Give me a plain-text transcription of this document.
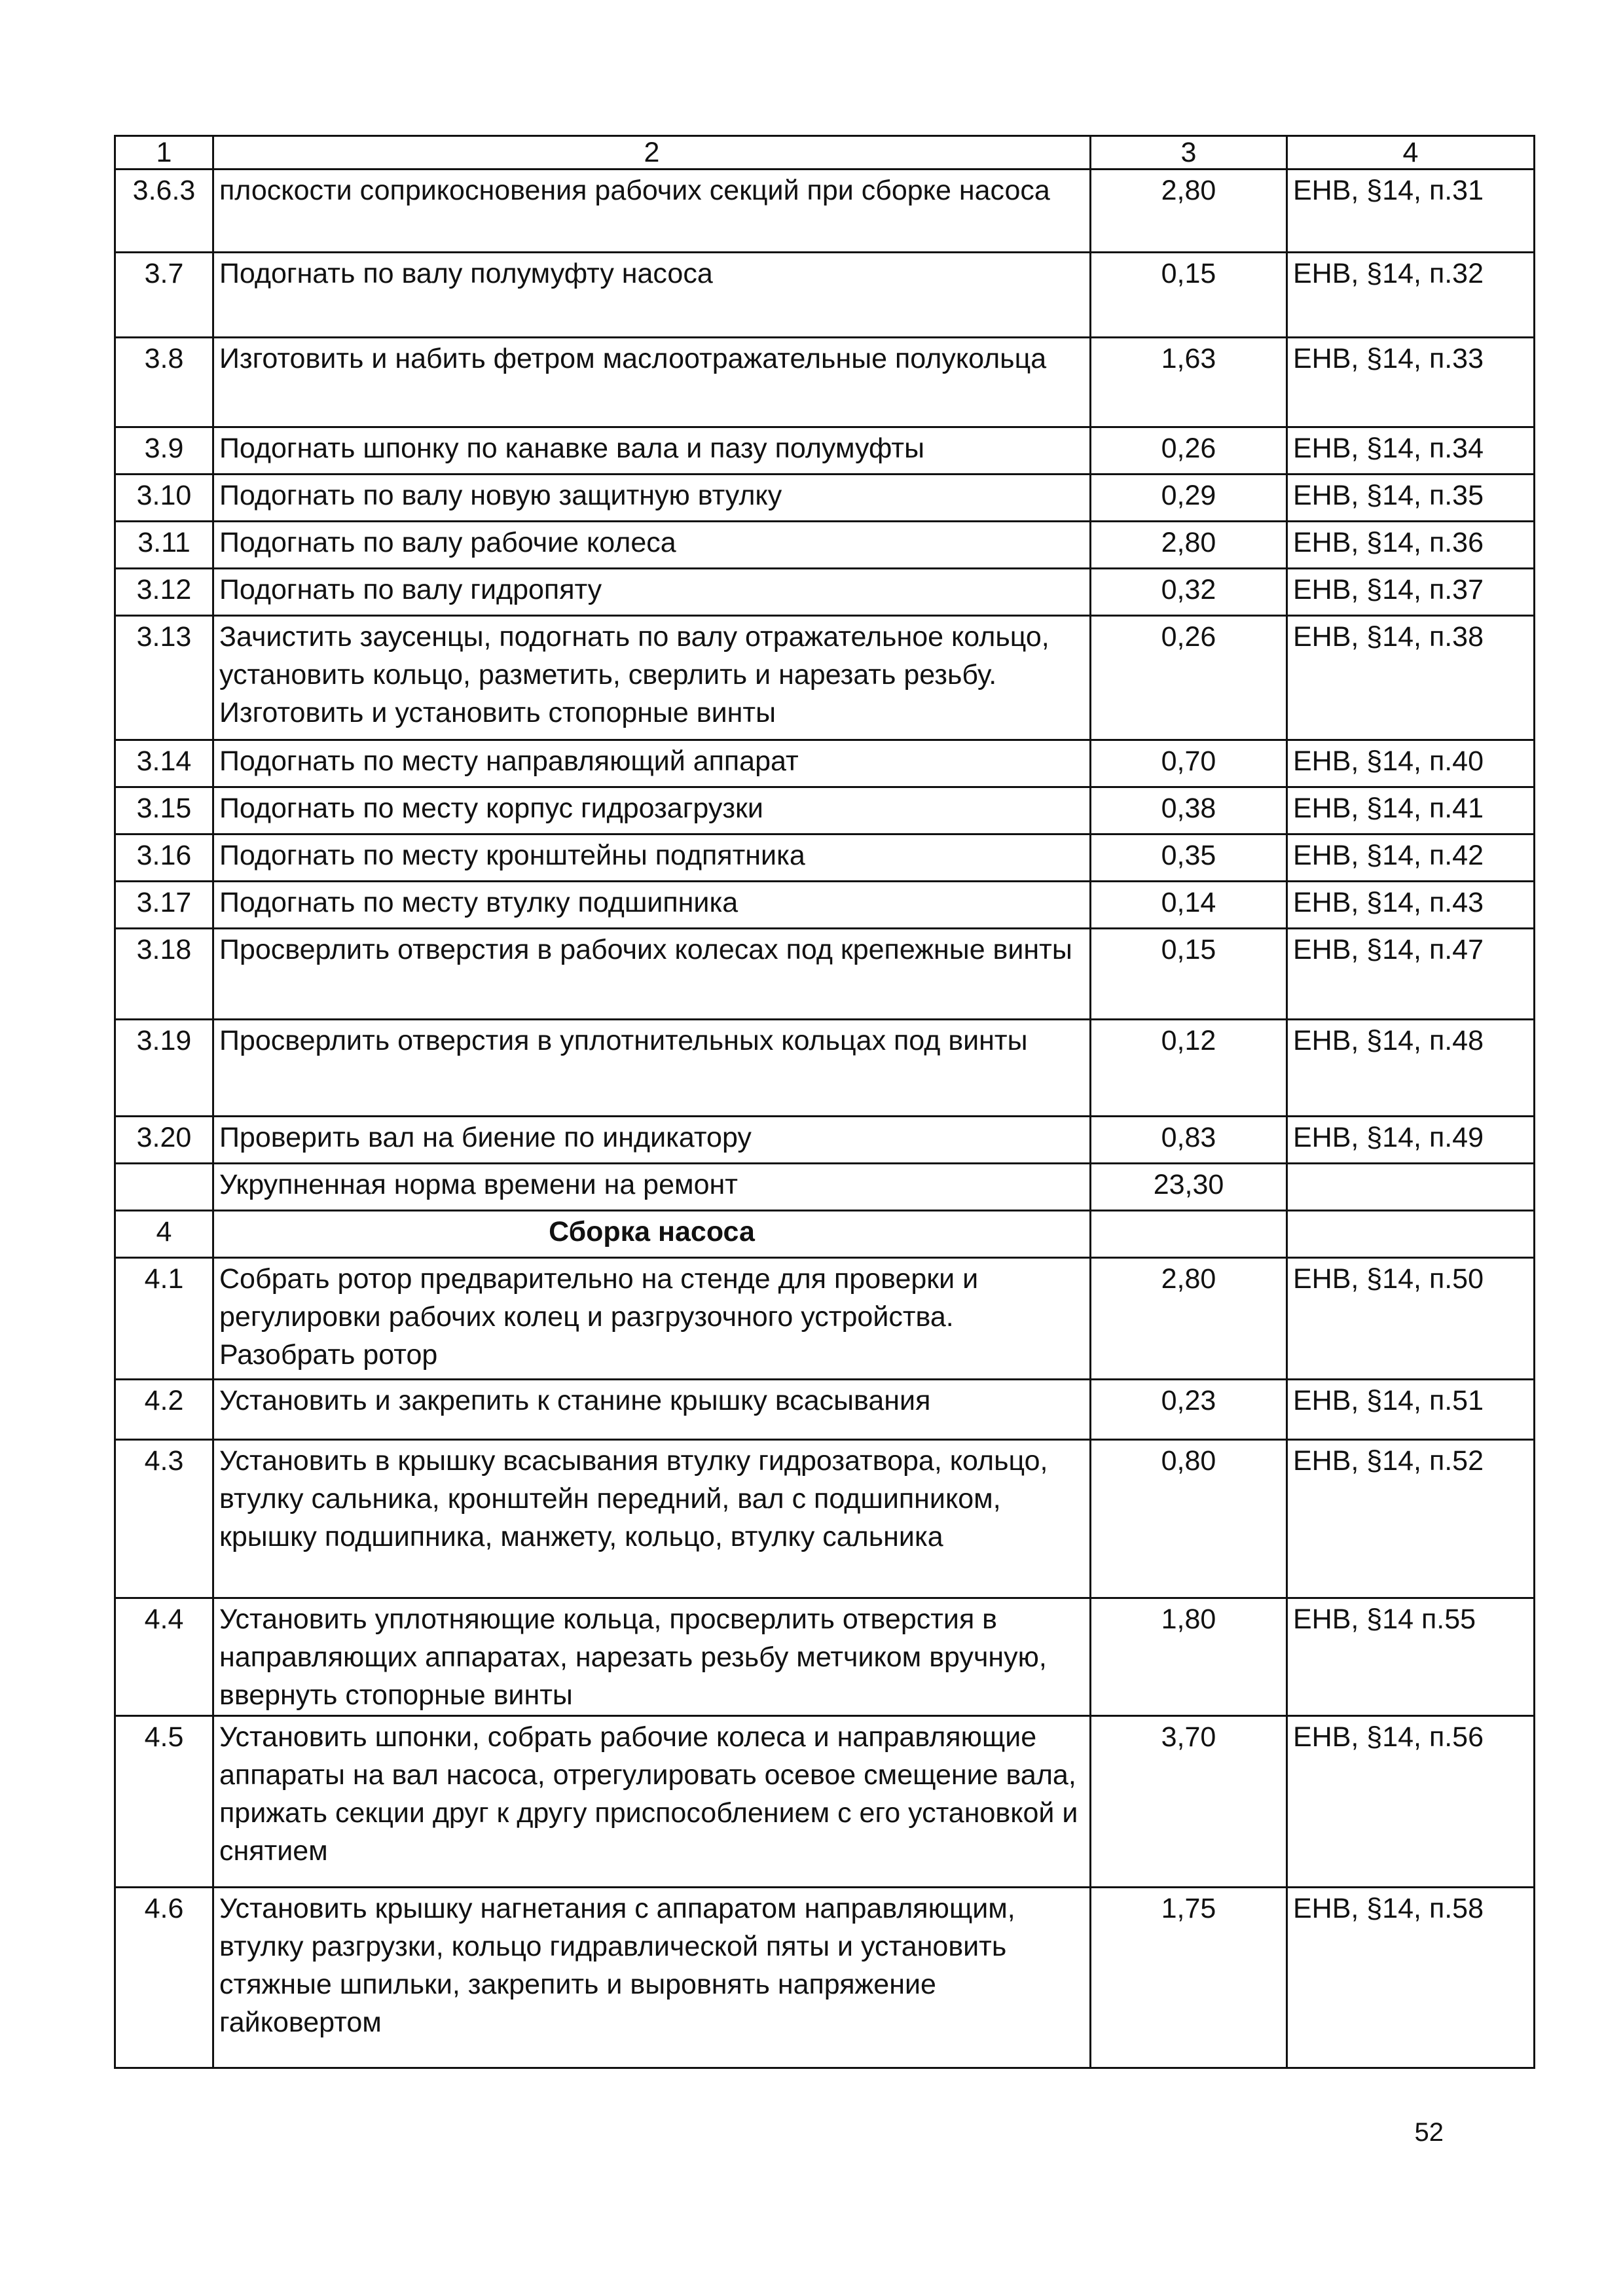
1	2	3	4
3.6.3	плоскости соприкосновения рабочих секций при сборке насоса	2,80	ЕНВ, §14, п.31
3.7	Подогнать по валу полумуфту насоса	0,15	ЕНВ, §14, п.32
3.8	Изготовить и набить фетром маслоотражательные полукольца	1,63	ЕНВ, §14, п.33
3.9	Подогнать шпонку по канавке вала и пазу полумуфты	0,26	ЕНВ, §14, п.34
3.10	Подогнать по валу новую защитную втулку	0,29	ЕНВ, §14, п.35
3.11	Подогнать по валу рабочие колеса	2,80	ЕНВ, §14, п.36
3.12	Подогнать по валу гидропяту	0,32	ЕНВ, §14, п.37
3.13	Зачистить заусенцы, подогнать по валу отражательное кольцо, установить кольцо, разметить, сверлить и нарезать резьбу. Изготовить и установить стопорные винты	0,26	ЕНВ, §14, п.38
3.14	Подогнать по месту направляющий аппарат	0,70	ЕНВ, §14, п.40
3.15	Подогнать по месту корпус гидрозагрузки	0,38	ЕНВ, §14, п.41
3.16	Подогнать по месту кронштейны подпятника	0,35	ЕНВ, §14, п.42
3.17	Подогнать по месту втулку подшипника	0,14	ЕНВ, §14, п.43
3.18	Просверлить отверстия в рабочих колесах под крепежные винты	0,15	ЕНВ, §14, п.47
3.19	Просверлить отверстия в уплотнительных кольцах под винты	0,12	ЕНВ, §14, п.48
3.20	Проверить вал на биение по индикатору	0,83	ЕНВ, §14, п.49
	Укрупненная норма времени на ремонт	23,30	
4	Сборка насоса		
4.1	Собрать ротор предварительно на стенде для проверки и регулировки рабочих колец и разгрузочного устройства. Разобрать ротор	2,80	ЕНВ, §14, п.50
4.2	Установить и закрепить к станине крышку всасывания	0,23	ЕНВ, §14, п.51
4.3	Установить в крышку всасывания втулку гидрозатвора, кольцо, втулку сальника, кронштейн передний, вал с подшипником, крышку подшипника, манжету, кольцо, втулку сальника	0,80	ЕНВ, §14, п.52
4.4	Установить уплотняющие кольца, просверлить отверстия в направляющих аппаратах, нарезать резьбу метчиком вручную, ввернуть стопорные винты	1,80	ЕНВ, §14 п.55
4.5	Установить шпонки, собрать рабочие колеса и направляющие аппараты на вал насоса, отрегулировать осевое смещение вала, прижать секции друг к другу приспособлением с его установкой и снятием	3,70	ЕНВ, §14, п.56
4.6	Установить крышку нагнетания с аппаратом направляющим, втулку разгрузки, кольцо гидравлической пяты и установить стяжные шпильки, закрепить и выровнять напряжение гайковертом	1,75	ЕНВ, §14, п.58
52
